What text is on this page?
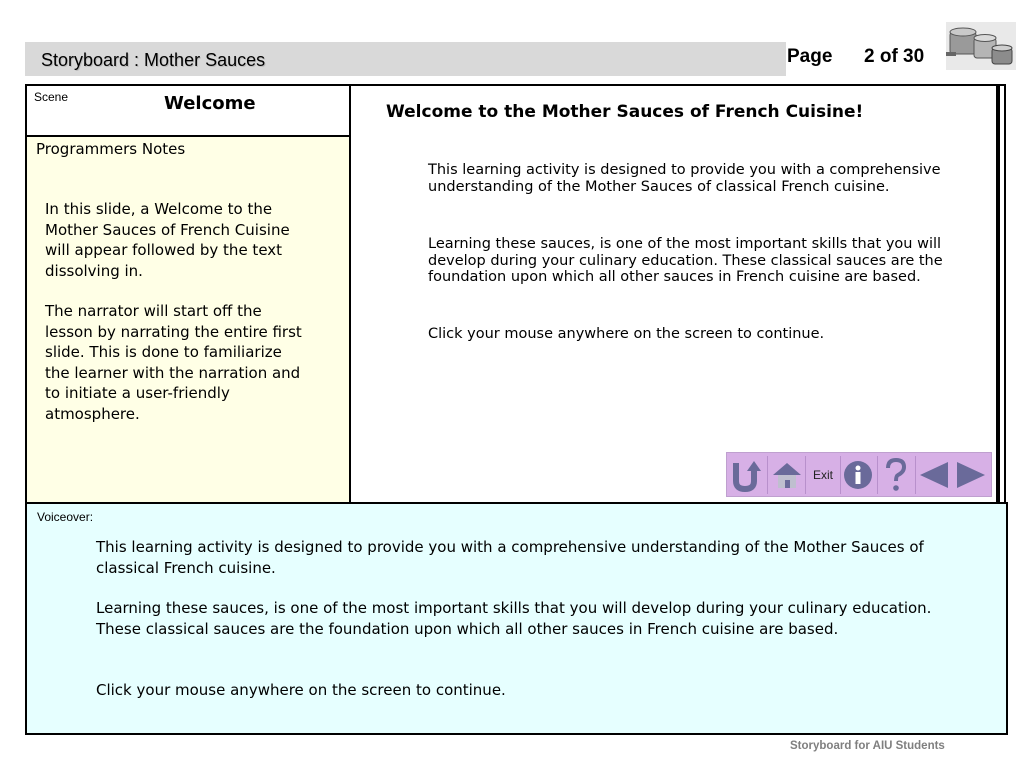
Storyboard : Mother Sauces	Page 2 of 30
Scene	Welcome
Programmers Notes

In this slide, a Welcome to the Mother Sauces of French Cuisine will appear followed by the text dissolving in.

The narrator will start off the lesson by narrating the entire first slide. This is done to familiarize the learner with the narration and to initiate a user-friendly atmosphere.

Welcome to the Mother Sauces of French Cuisine!

This learning activity is designed to provide you with a comprehensive understanding of the Mother Sauces of classical French cuisine.

Learning these sauces, is one of the most important skills that you will develop during your culinary education. These classical sauces are the foundation upon which all other sauces in French cuisine are based.

Click your mouse anywhere on the screen to continue.

Exit
Voiceover:

This learning activity is designed to provide you with a comprehensive understanding of the Mother Sauces of classical French cuisine.

Learning these sauces, is one of the most important skills that you will develop during your culinary education. These classical sauces are the foundation upon which all other sauces in French cuisine are based.

Click your mouse anywhere on the screen to continue.

Storyboard for AIU Students
